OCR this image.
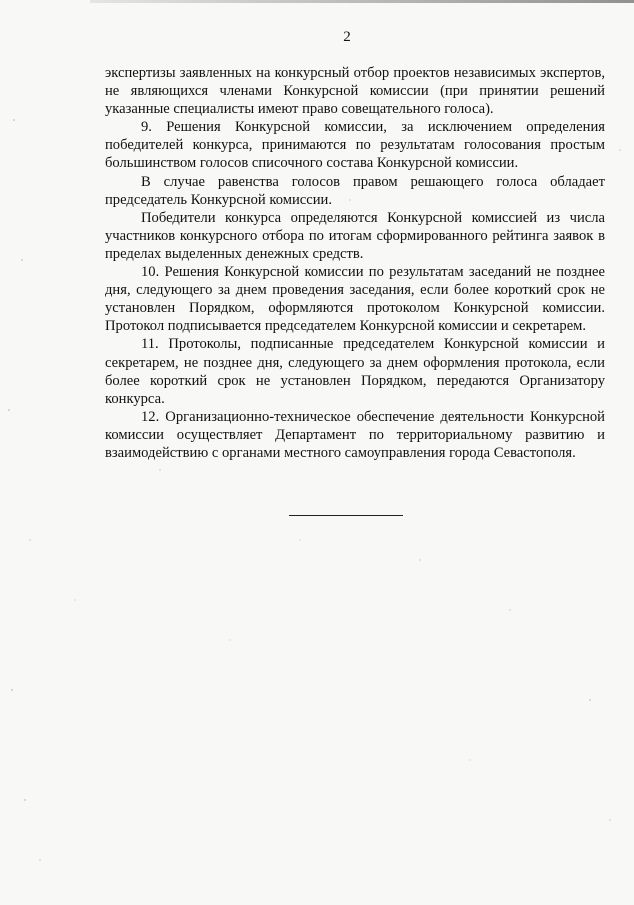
2

экспертизы заявленных на конкурсный отбор проектов независимых экспертов, не являющихся членами Конкурсной комиссии (при принятии решений указанные специалисты имеют право совещательного голоса).

9. Решения Конкурсной комиссии, за исключением определения победителей конкурса, принимаются по результатам голосования простым большинством голосов списочного состава Конкурсной комиссии.

В случае равенства голосов правом решающего голоса обладает председатель Конкурсной комиссии.

Победители конкурса определяются Конкурсной комиссией из числа участников конкурсного отбора по итогам сформированного рейтинга заявок в пределах выделенных денежных средств.

10. Решения Конкурсной комиссии по результатам заседаний не позднее дня, следующего за днем проведения заседания, если более короткий срок не установлен Порядком, оформляются протоколом Конкурсной комиссии. Протокол подписывается председателем Конкурсной комиссии и секретарем.

11. Протоколы, подписанные председателем Конкурсной комиссии и секретарем, не позднее дня, следующего за днем оформления протокола, если более короткий срок не установлен Порядком, передаются Организатору конкурса.

12. Организационно-техническое обеспечение деятельности Конкурсной комиссии осуществляет Департамент по территориальному развитию и взаимодействию с органами местного самоуправления города Севастополя.
